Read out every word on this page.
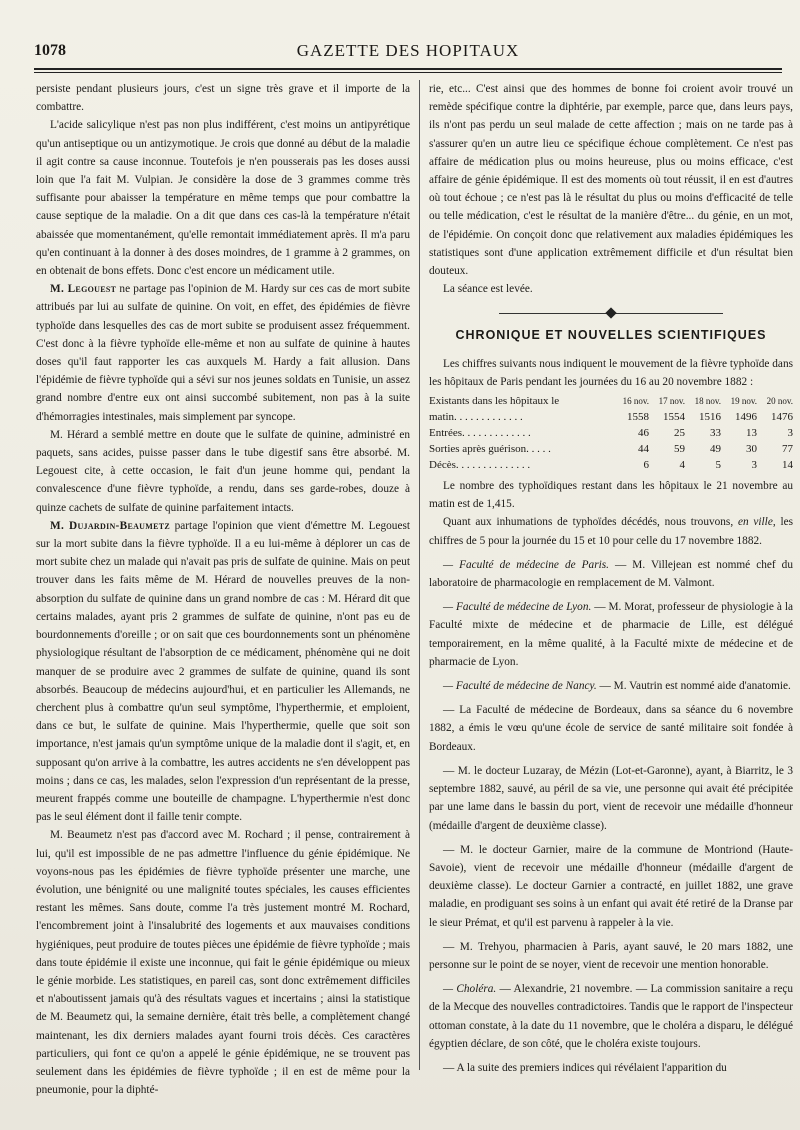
1078	GAZETTE DES HOPITAUX

persiste pendant plusieurs jours, c'est un signe très grave et il importe de la combattre.

L'acide salicylique n'est pas non plus indifférent, c'est moins un antipyrétique qu'un antiseptique ou un antizymotique. Je crois que donné au début de la maladie il agit contre sa cause inconnue. Toutefois je n'en pousserais pas les doses aussi loin que l'a fait M. Vulpian. Je considère la dose de 3 grammes comme très suffisante pour abaisser la température en même temps que pour combattre la cause septique de la maladie. On a dit que dans ces cas-là la température n'était abaissée que momentanément, qu'elle remontait immédiatement après. Il m'a paru qu'en continuant à la donner à des doses moindres, de 1 gramme à 2 grammes, on en obtenait de bons effets. Donc c'est encore un médicament utile.

M. Legouest ne partage pas l'opinion de M. Hardy sur ces cas de mort subite attribués par lui au sulfate de quinine. On voit, en effet, des épidémies de fièvre typhoïde dans lesquelles des cas de mort subite se produisent assez fréquemment. C'est donc à la fièvre typhoïde elle-même et non au sulfate de quinine à hautes doses qu'il faut rapporter les cas auxquels M. Hardy a fait allusion. Dans l'épidémie de fièvre typhoïde qui a sévi sur nos jeunes soldats en Tunisie, un assez grand nombre d'entre eux ont ainsi succombé subitement, non pas à la suite d'hémorragies intestinales, mais simplement par syncope.

M. Hérard a semblé mettre en doute que le sulfate de quinine, administré en paquets, sans acides, puisse passer dans le tube digestif sans être absorbé. M. Legouest cite, à cette occasion, le fait d'un jeune homme qui, pendant la convalescence d'une fièvre typhoïde, a rendu, dans ses garde-robes, douze à quinze cachets de sulfate de quinine parfaitement intacts.

M. Dujardin-Beaumetz partage l'opinion que vient d'émettre M. Legouest sur la mort subite dans la fièvre typhoïde. Il a eu lui-même à déplorer un cas de mort subite chez un malade qui n'avait pas pris de sulfate de quinine. Mais on peut trouver dans les faits même de M. Hérard de nouvelles preuves de la non-absorption du sulfate de quinine dans un grand nombre de cas : M. Hérard dit que certains malades, ayant pris 2 grammes de sulfate de quinine, n'ont pas eu de bourdonnements d'oreille ; or on sait que ces bourdonnements sont un phénomène physiologique résultant de l'absorption de ce médicament, phénomène qui ne doit manquer de se produire avec 2 grammes de sulfate de quinine, quand ils sont absorbés. Beaucoup de médecins aujourd'hui, et en particulier les Allemands, ne cherchent plus à combattre qu'un seul symptôme, l'hyperthermie, et emploient, dans ce but, le sulfate de quinine. Mais l'hyperthermie, quelle que soit son importance, n'est jamais qu'un symptôme unique de la maladie dont il s'agit, et, en supposant qu'on arrive à la combattre, les autres accidents ne s'en développent pas moins ; dans ce cas, les malades, selon l'expression d'un représentant de la presse, meurent frappés comme une bouteille de champagne. L'hyperthermie n'est donc pas le seul élément dont il faille tenir compte.

M. Beaumetz n'est pas d'accord avec M. Rochard ; il pense, contrairement à lui, qu'il est impossible de ne pas admettre l'influence du génie épidémique. Ne voyons-nous pas les épidémies de fièvre typhoïde présenter une marche, une évolution, une bénignité ou une malignité toutes spéciales, les causes efficientes restant les mêmes. Sans doute, comme l'a très justement montré M. Rochard, l'encombrement joint à l'insalubrité des logements et aux mauvaises conditions hygiéniques, peut produire de toutes pièces une épidémie de fièvre typhoïde ; mais dans toute épidémie il existe une inconnue, qui fait le génie épidémique ou mieux le génie morbide. Les statistiques, en pareil cas, sont donc extrêmement difficiles et n'aboutissent jamais qu'à des résultats vagues et incertains ; ainsi la statistique de M. Beaumetz qui, la semaine dernière, était très belle, a complètement changé maintenant, les dix derniers malades ayant fourni trois décès. Ces caractères particuliers, qui font ce qu'on a appelé le génie épidémique, ne se trouvent pas seulement dans les épidémies de fièvre typhoïde ; il en est de même pour la pneumonie, pour la diphté-

rie, etc... C'est ainsi que des hommes de bonne foi croient avoir trouvé un remède spécifique contre la diphtérie, par exemple, parce que, dans leurs pays, ils n'ont pas perdu un seul malade de cette affection ; mais on ne tarde pas à s'assurer qu'en un autre lieu ce spécifique échoue complètement. Ce n'est pas affaire de médication plus ou moins heureuse, plus ou moins efficace, c'est affaire de génie épidémique. Il est des moments où tout réussit, il en est d'autres où tout échoue ; ce n'est pas là le résultat du plus ou moins d'efficacité de telle ou telle médication, c'est le résultat de la manière d'être... du génie, en un mot, de l'épidémie. On conçoit donc que relativement aux maladies épidémiques les statistiques sont d'une application extrêmement difficile et d'un résultat bien douteux.

La séance est levée.

CHRONIQUE ET NOUVELLES SCIENTIFIQUES

Les chiffres suivants nous indiquent le mouvement de la fièvre typhoïde dans les hôpitaux de Paris pendant les journées du 16 au 20 novembre 1882 :

Existants dans les hôpitaux le	16 nov.	17 nov.	18 nov.	19 nov.	20 nov.
matin. . . . . . . . . . . . .	1558	1554	1516	1496	1476
Entrées. . . . . . . . . . . . .	46	25	33	13	3
Sorties après guérison. . . . .	44	59	49	30	77
Décès. . . . . . . . . . . . . .	6	4	5	3	14

Le nombre des typhoïdiques restant dans les hôpitaux le 21 novembre au matin est de 1,415.

Quant aux inhumations de typhoïdes décédés, nous trouvons, en ville, les chiffres de 5 pour la journée du 15 et 10 pour celle du 17 novembre 1882.

— Faculté de médecine de Paris. — M. Villejean est nommé chef du laboratoire de pharmacologie en remplacement de M. Valmont.

— Faculté de médecine de Lyon. — M. Morat, professeur de physiologie à la Faculté mixte de médecine et de pharmacie de Lille, est délégué temporairement, en la même qualité, à la Faculté mixte de médecine et de pharmacie de Lyon.

— Faculté de médecine de Nancy. — M. Vautrin est nommé aide d'anatomie.

— La Faculté de médecine de Bordeaux, dans sa séance du 6 novembre 1882, a émis le vœu qu'une école de service de santé militaire soit fondée à Bordeaux.

— M. le docteur Luzaray, de Mézin (Lot-et-Garonne), ayant, à Biarritz, le 3 septembre 1882, sauvé, au péril de sa vie, une personne qui avait été précipitée par une lame dans le bassin du port, vient de recevoir une médaille d'honneur (médaille d'argent de deuxième classe).

— M. le docteur Garnier, maire de la commune de Montriond (Haute-Savoie), vient de recevoir une médaille d'honneur (médaille d'argent de deuxième classe). Le docteur Garnier a contracté, en juillet 1882, une grave maladie, en prodiguant ses soins à un enfant qui avait été retiré de la Dranse par le sieur Prémat, et qu'il est parvenu à rappeler à la vie.

— M. Trehyou, pharmacien à Paris, ayant sauvé, le 20 mars 1882, une personne sur le point de se noyer, vient de recevoir une mention honorable.

— Choléra. — Alexandrie, 21 novembre. — La commission sanitaire a reçu de la Mecque des nouvelles contradictoires. Tandis que le rapport de l'inspecteur ottoman constate, à la date du 11 novembre, que le choléra a disparu, le délégué égyptien déclare, de son côté, que le choléra existe toujours.

— A la suite des premiers indices qui révélaient l'apparition du
